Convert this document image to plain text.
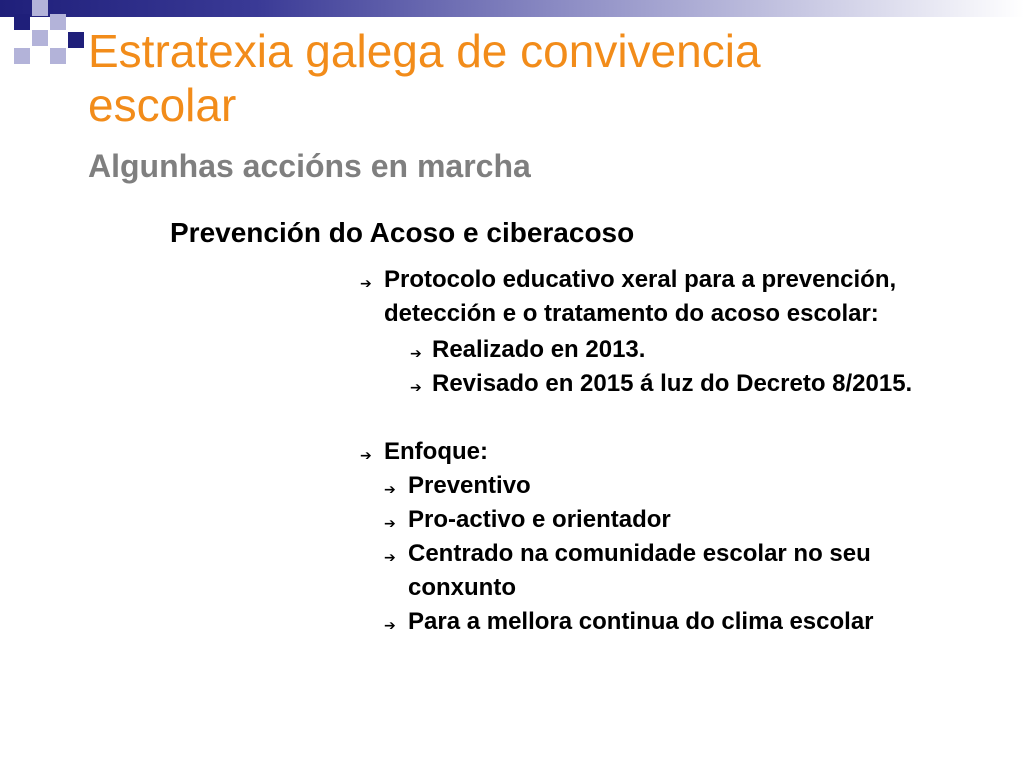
Estratexia galega de convivencia
escolar
Algunhas accións en marcha
Prevención do Acoso e ciberacoso
➔ Protocolo educativo xeral para a prevención,
detección e o tratamento do acoso escolar:
➔ Realizado en 2013.
➔ Revisado en 2015 á luz do Decreto 8/2015.
➔ Enfoque:
➔ Preventivo
➔ Pro-activo e orientador
➔ Centrado na comunidade escolar no seu
conxunto
➔ Para a mellora continua do clima escolar
